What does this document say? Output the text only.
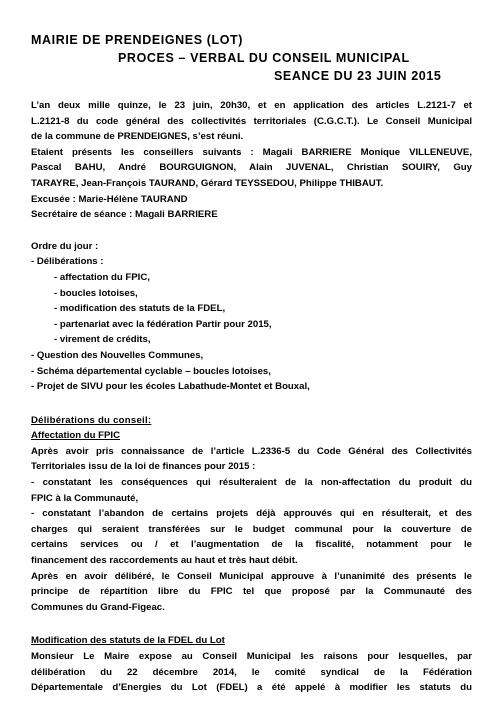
MAIRIE DE PRENDEIGNES (LOT)
PROCES – VERBAL DU CONSEIL MUNICIPAL
SEANCE DU 23 JUIN 2015

L’an deux mille quinze, le 23 juin, 20h30, et en application des articles L.2121-7 et

L.2121-8 du code général des collectivités territoriales (C.G.C.T.). Le Conseil Municipal

de la commune de PRENDEIGNES, s’est réuni.

Etaient présents les conseillers suivants : Magali BARRIERE Monique VILLENEUVE,

Pascal BAHU, André BOURGUIGNON, Alain JUVENAL, Christian SOUIRY, Guy

TARAYRE, Jean-François TAURAND, Gérard TEYSSEDOU, Philippe THIBAUT.

Excusée : Marie-Hélène TAURAND

Secrétaire de séance : Magali BARRIERE

Ordre du jour :

- Délibérations :

- affectation du FPIC,

- boucles lotoises,

- modification des statuts de la FDEL,

- partenariat avec la fédération Partir pour 2015,

- virement de crédits,

- Question des Nouvelles Communes,

- Schéma départemental cyclable – boucles lotoises,

- Projet de SIVU pour les écoles Labathude-Montet et Bouxal,

Délibérations du conseil:

Affectation du FPIC

Après avoir pris connaissance de l’article L.2336-5 du Code Général des Collectivités

Territoriales issu de la loi de finances pour 2015 :

- constatant les conséquences qui résulteraient de la non-affectation du produit du

FPIC à la Communauté,

- constatant l’abandon de certains projets déjà approuvés qui en résulterait, et des

charges qui seraient transférées sur le budget communal pour la couverture de

certains services ou / et l’augmentation de la fiscalité, notamment pour le

financement des raccordements au haut et très haut débit.

Après en avoir délibéré, le Conseil Municipal approuve à l’unanimité des présents le

principe de répartition libre du FPIC tel que proposé par la Communauté des

Communes du Grand-Figeac.

Modification des statuts de la FDEL du Lot

Monsieur Le Maire expose au Conseil Municipal les raisons pour lesquelles, par

délibération du 22 décembre 2014, le comité syndical de la Fédération

Départementale d’Energies du Lot (FDEL) a été appelé à modifier les statuts du
